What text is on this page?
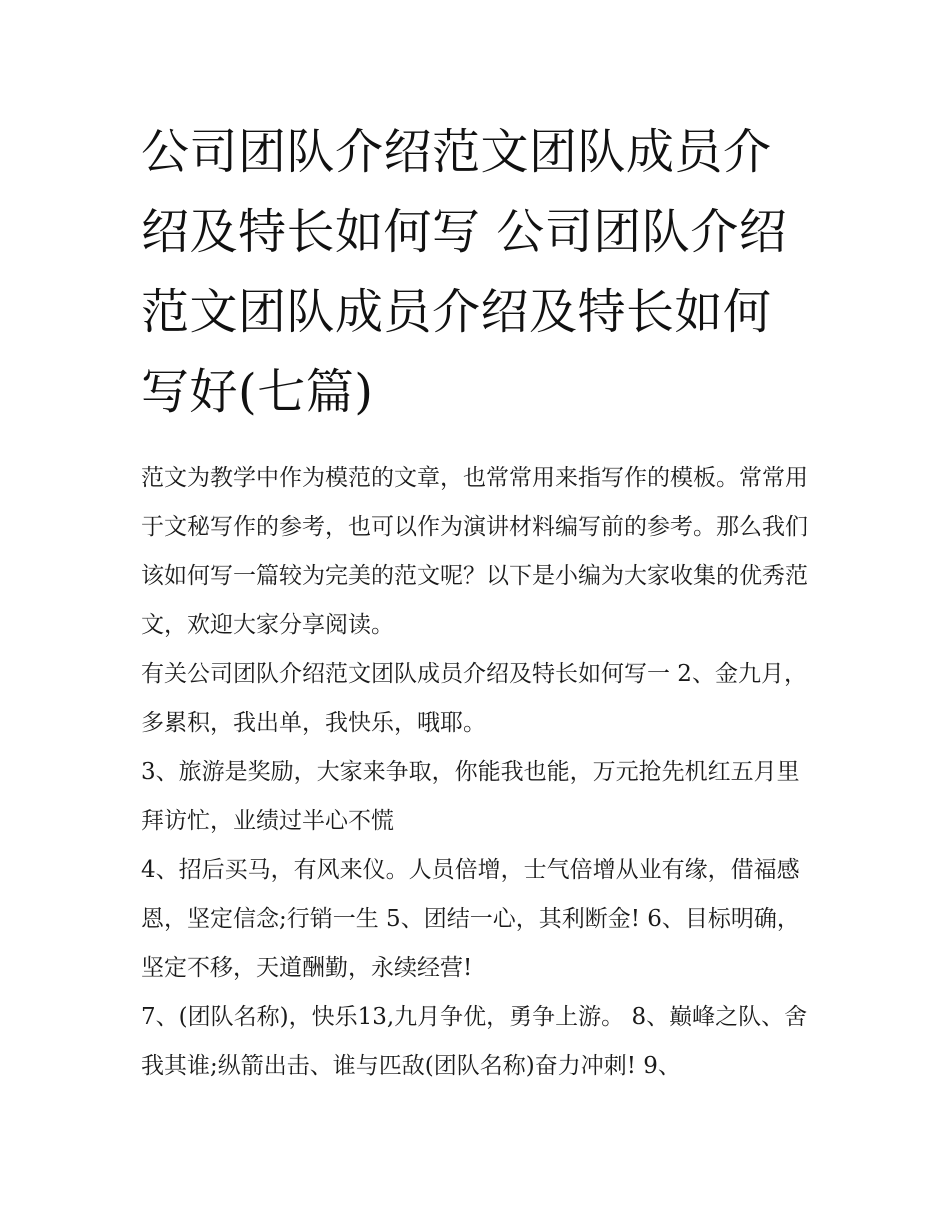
公司团队介绍范文团队成员介绍及特长如何写 公司团队介绍范文团队成员介绍及特长如何写好(七篇)

范文为教学中作为模范的文章，也常常用来指写作的模板。常常用于文秘写作的参考，也可以作为演讲材料编写前的参考。那么我们该如何写一篇较为完美的范文呢？以下是小编为大家收集的优秀范文，欢迎大家分享阅读。

有关公司团队介绍范文团队成员介绍及特长如何写一 2、金九月，多累积，我出单，我快乐，哦耶。

3、旅游是奖励，大家来争取，你能我也能，万元抢先机红五月里拜访忙，业绩过半心不慌

4、招后买马，有风来仪。人员倍增，士气倍增从业有缘，借福感恩，坚定信念;行销一生 5、团结一心，其利断金! 6、目标明确，坚定不移，天道酬勤，永续经营!

7、(团队名称)，快乐13,九月争优，勇争上游。 8、巅峰之队、舍我其谁;纵箭出击、谁与匹敌(团队名称)奋力冲刺! 9、
